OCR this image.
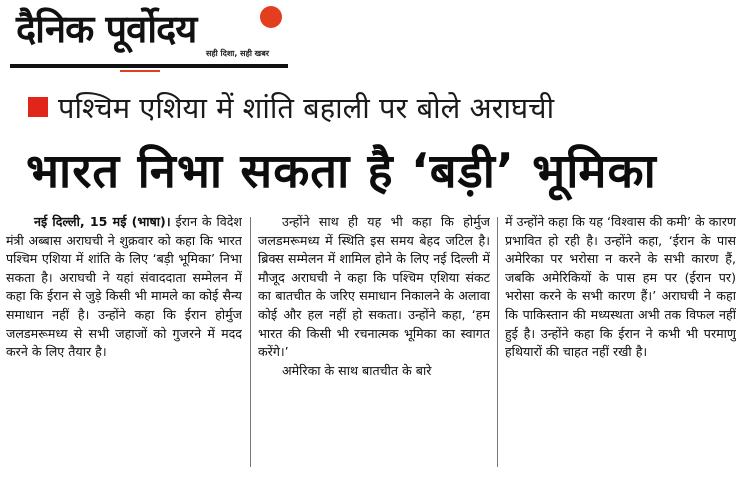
दैनिक पूर्वोदय
सही दिशा, सही खबर
पश्चिम एशिया में शांति बहाली पर बोले अराघची
भारत निभा सकता है ‘बड़ी’ भूमिका
नई दिल्ली, 15 मई (भाषा)। ईरान के विदेश मंत्री अब्बास अराघची ने शुक्रवार को कहा कि भारत पश्चिम एशिया में शांति के लिए ‘बड़ी भूमिका’ निभा सकता है। अराघची ने यहां संवाददाता सम्मेलन में कहा कि ईरान से जुड़े किसी भी मामले का कोई सैन्य समाधान नहीं है। उन्होंने कहा कि ईरान होर्मुज जलडमरूमध्य से सभी जहाजों को गुजरने में मदद करने के लिए तैयार है।
उन्होंने साथ ही यह भी कहा कि होर्मुज जलडमरूमध्य में स्थिति इस समय बेहद जटिल है। ब्रिक्स सम्मेलन में शामिल होने के लिए नई दिल्ली में मौजूद अराघची ने कहा कि पश्चिम एशिया संकट का बातचीत के जरिए समाधान निकालने के अलावा कोई और हल नहीं हो सकता। उन्होंने कहा, ‘हम भारत की किसी भी रचनात्मक भूमिका का स्वागत करेंगे।’
अमेरिका के साथ बातचीत के बारे
में उन्होंने कहा कि यह ‘विश्वास की कमी’ के कारण प्रभावित हो रही है। उन्होंने कहा, ‘ईरान के पास अमेरिका पर भरोसा न करने के सभी कारण हैं, जबकि अमेरिकियों के पास हम पर (ईरान पर) भरोसा करने के सभी कारण हैं।’ अराघची ने कहा कि पाकिस्तान की मध्यस्थता अभी तक विफल नहीं हुई है। उन्होंने कहा कि ईरान ने कभी भी परमाणु हथियारों की चाहत नहीं रखी है।
